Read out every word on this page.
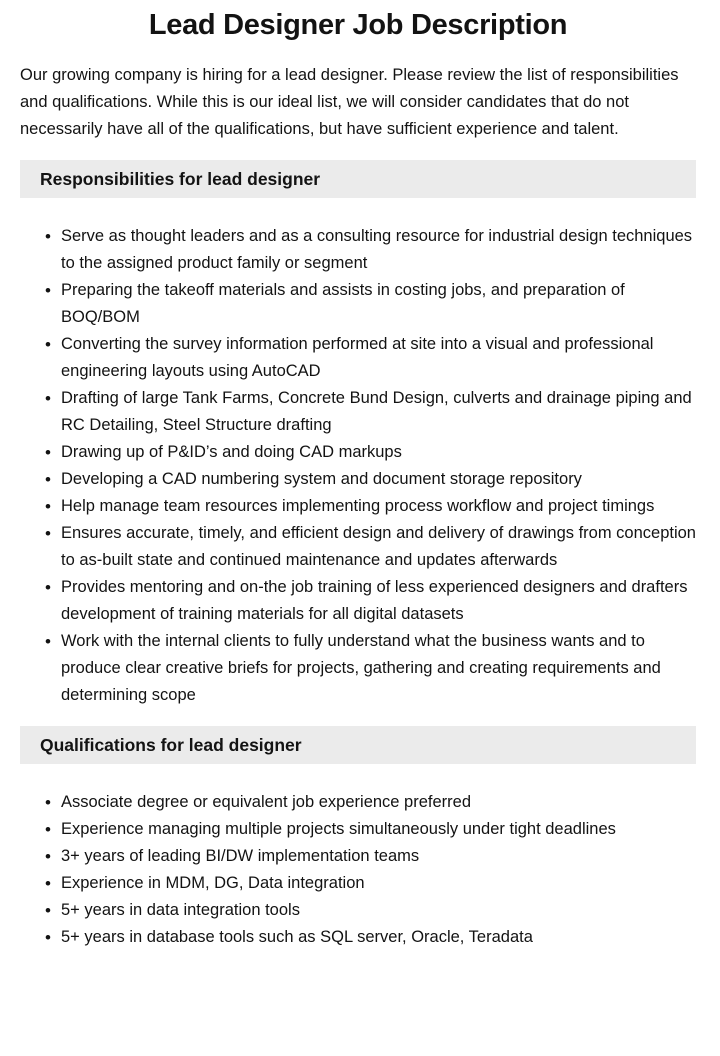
Lead Designer Job Description

Our growing company is hiring for a lead designer. Please review the list of responsibilities and qualifications. While this is our ideal list, we will consider candidates that do not necessarily have all of the qualifications, but have sufficient experience and talent.

Responsibilities for lead designer
• Serve as thought leaders and as a consulting resource for industrial design techniques to the assigned product family or segment
• Preparing the takeoff materials and assists in costing jobs, and preparation of BOQ/BOM
• Converting the survey information performed at site into a visual and professional engineering layouts using AutoCAD
• Drafting of large Tank Farms, Concrete Bund Design, culverts and drainage piping and RC Detailing, Steel Structure drafting
• Drawing up of P&ID’s and doing CAD markups
• Developing a CAD numbering system and document storage repository
• Help manage team resources implementing process workflow and project timings
• Ensures accurate, timely, and efficient design and delivery of drawings from conception to as-built state and continued maintenance and updates afterwards
• Provides mentoring and on-the job training of less experienced designers and drafters development of training materials for all digital datasets
• Work with the internal clients to fully understand what the business wants and to produce clear creative briefs for projects, gathering and creating requirements and determining scope
Qualifications for lead designer
• Associate degree or equivalent job experience preferred
• Experience managing multiple projects simultaneously under tight deadlines
• 3+ years of leading BI/DW implementation teams
• Experience in MDM, DG, Data integration
• 5+ years in data integration tools
• 5+ years in database tools such as SQL server, Oracle, Teradata
